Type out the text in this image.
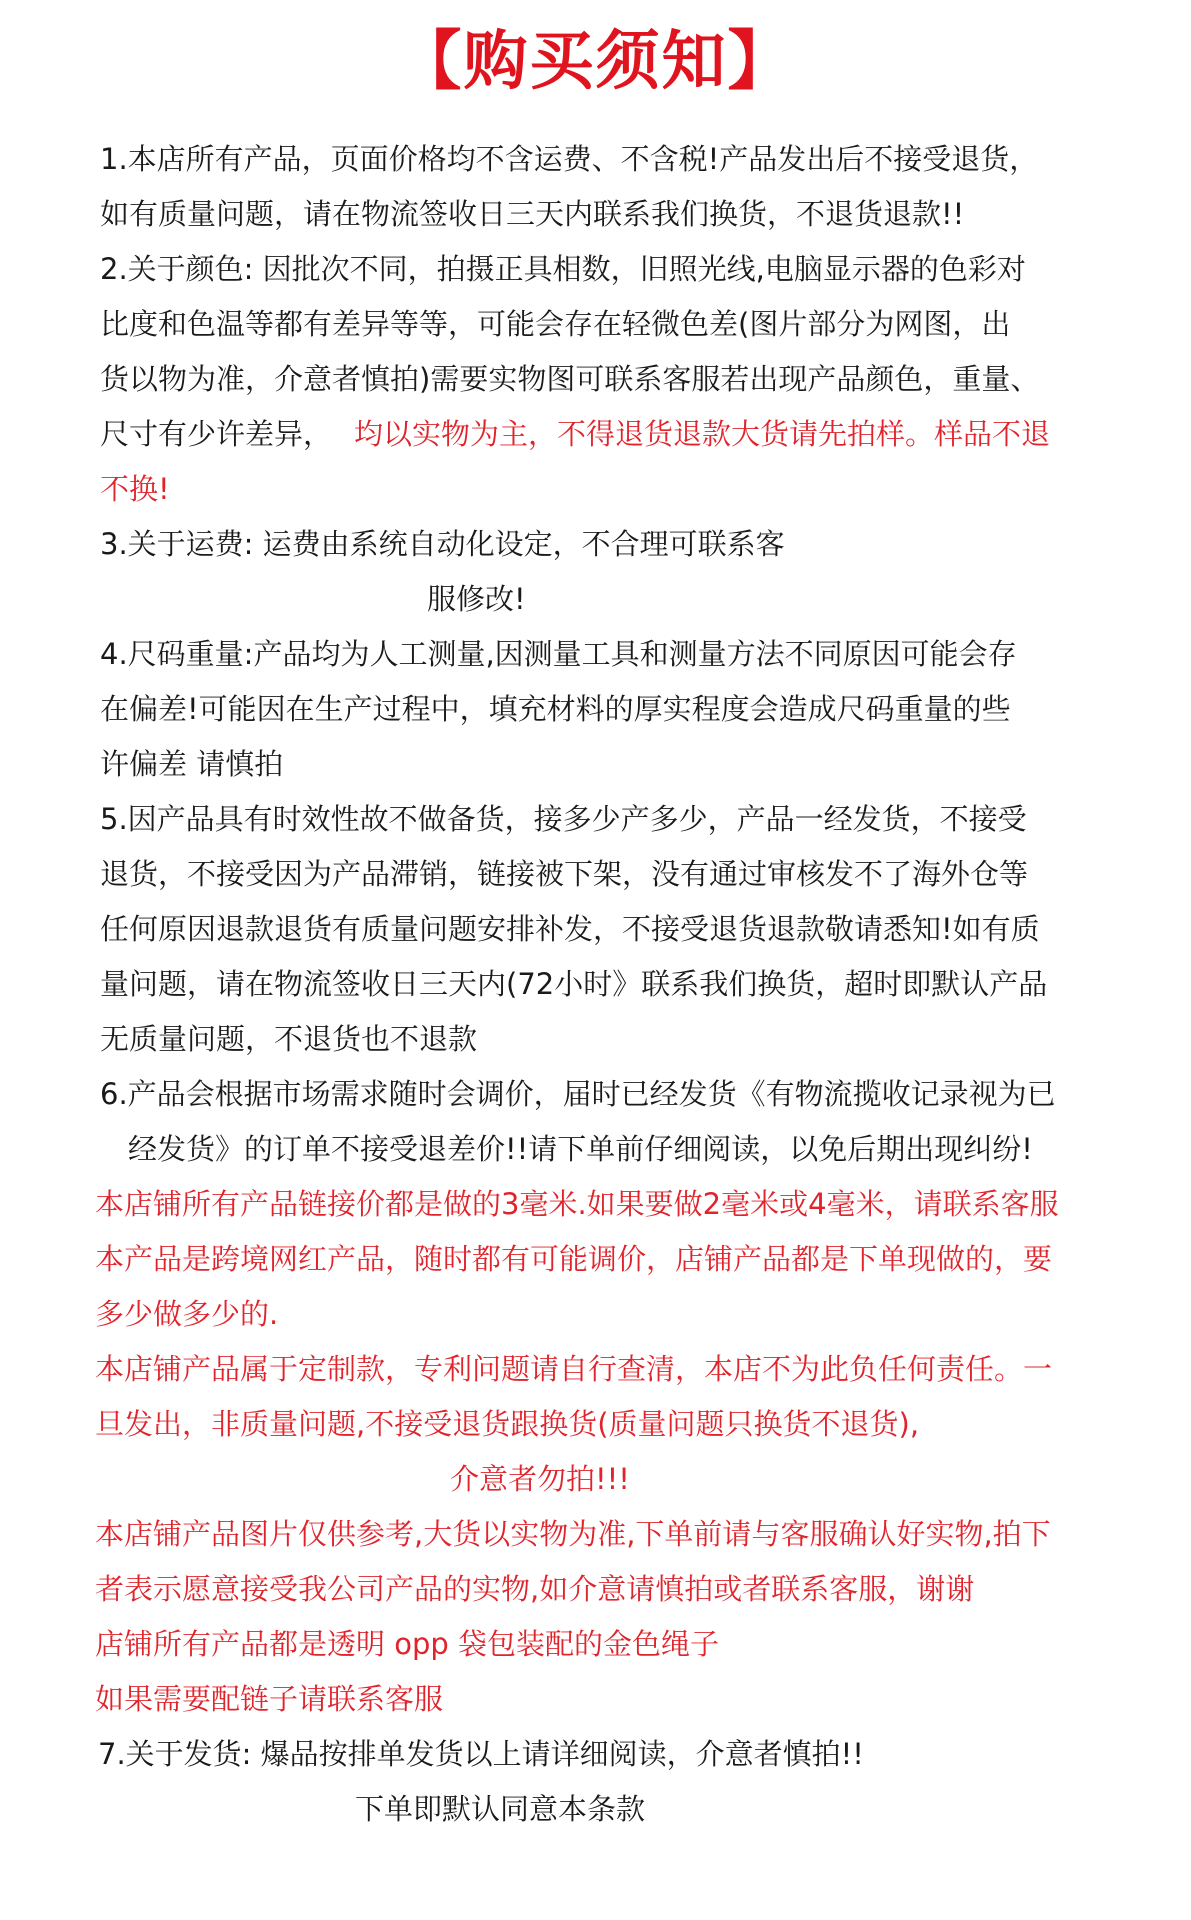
【购买须知】
1.本店所有产品，页面价格均不含运费、不含税!产品发出后不接受退货，
如有质量问题，请在物流签收日三天内联系我们换货，不退货退款!!
2.关于颜色: 因批次不同，拍摄正具相数，旧照光线,电脑显示器的色彩对
比度和色温等都有差异等等，可能会存在轻微色差(图片部分为网图，出
货以物为准，介意者慎拍)需要实物图可联系客服若出现产品颜色，重量、
尺寸有少许差异， 均以实物为主，不得退货退款大货请先拍样。样品不退
不换!
3.关于运费: 运费由系统自动化设定，不合理可联系客
服修改!
4.尺码重量:产品均为人工测量,因测量工具和测量方法不同原因可能会存
在偏差!可能因在生产过程中，填充材料的厚实程度会造成尺码重量的些
许偏差 请慎拍
5.因产品具有时效性故不做备货，接多少产多少，产品一经发货，不接受
退货，不接受因为产品滞销，链接被下架，没有通过审核发不了海外仓等
任何原因退款退货有质量问题安排补发，不接受退货退款敬请悉知!如有质
量问题，请在物流签收日三天内(72小时》联系我们换货，超时即默认产品
无质量问题，不退货也不退款
6.产品会根据市场需求随时会调价，届时已经发货《有物流揽收记录视为已
经发货》的订单不接受退差价!!请下单前仔细阅读，以免后期出现纠纷!
本店铺所有产品链接价都是做的3毫米.如果要做2毫米或4毫米，请联系客服
本产品是跨境网红产品，随时都有可能调价，店铺产品都是下单现做的，要
多少做多少的.
本店铺产品属于定制款，专利问题请自行查清，本店不为此负任何责任。一
旦发出，非质量问题,不接受退货跟换货(质量问题只换货不退货),
介意者勿拍!!!
本店铺产品图片仅供参考,大货以实物为准,下单前请与客服确认好实物,拍下
者表示愿意接受我公司产品的实物,如介意请慎拍或者联系客服，谢谢
店铺所有产品都是透明 opp 袋包装配的金色绳子
如果需要配链子请联系客服
7.关于发货: 爆品按排单发货以上请详细阅读，介意者慎拍!!
下单即默认同意本条款
